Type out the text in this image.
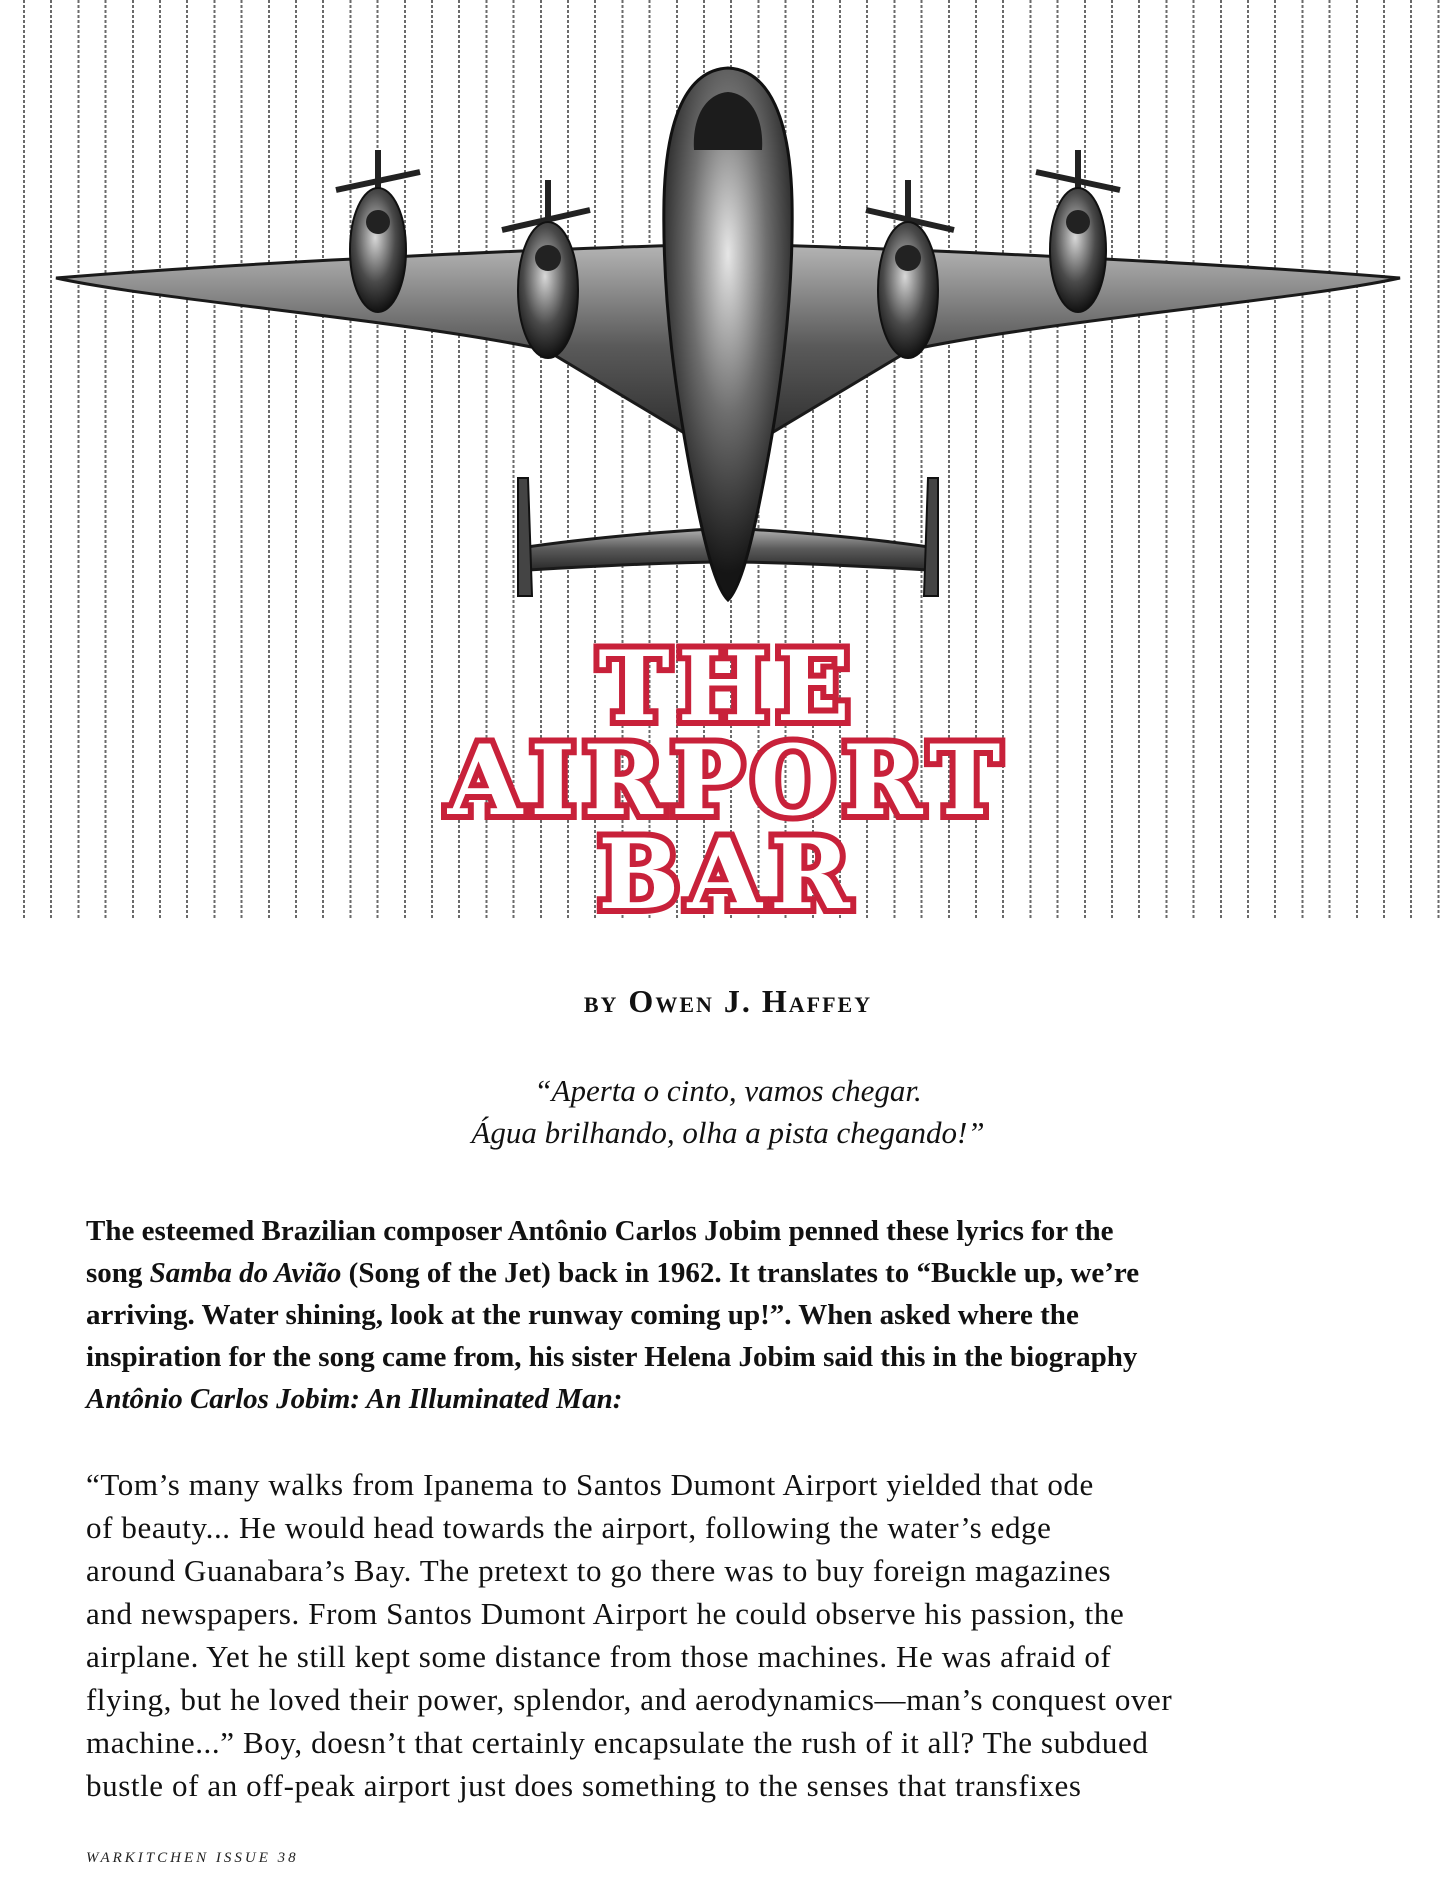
THE
AIRPORT
BAR

by Owen J. Haffey

“Aperta o cinto, vamos chegar.
Água brilhando, olha a pista chegando!”

The esteemed Brazilian composer Antônio Carlos Jobim penned these lyrics for the
song Samba do Avião (Song of the Jet) back in 1962. It translates to “Buckle up, we’re
arriving. Water shining, look at the runway coming up!”. When asked where the
inspiration for the song came from, his sister Helena Jobim said this in the biography
Antônio Carlos Jobim: An Illuminated Man:

“Tom’s many walks from Ipanema to Santos Dumont Airport yielded that ode
of beauty... He would head towards the airport, following the water’s edge
around Guanabara’s Bay. The pretext to go there was to buy foreign magazines
and newspapers. From Santos Dumont Airport he could observe his passion, the
airplane. Yet he still kept some distance from those machines. He was afraid of
flying, but he loved their power, splendor, and aerodynamics—man’s conquest over
machine...” Boy, doesn’t that certainly encapsulate the rush of it all? The subdued
bustle of an off-peak airport just does something to the senses that transfixes

WARKITCHEN ISSUE 38
